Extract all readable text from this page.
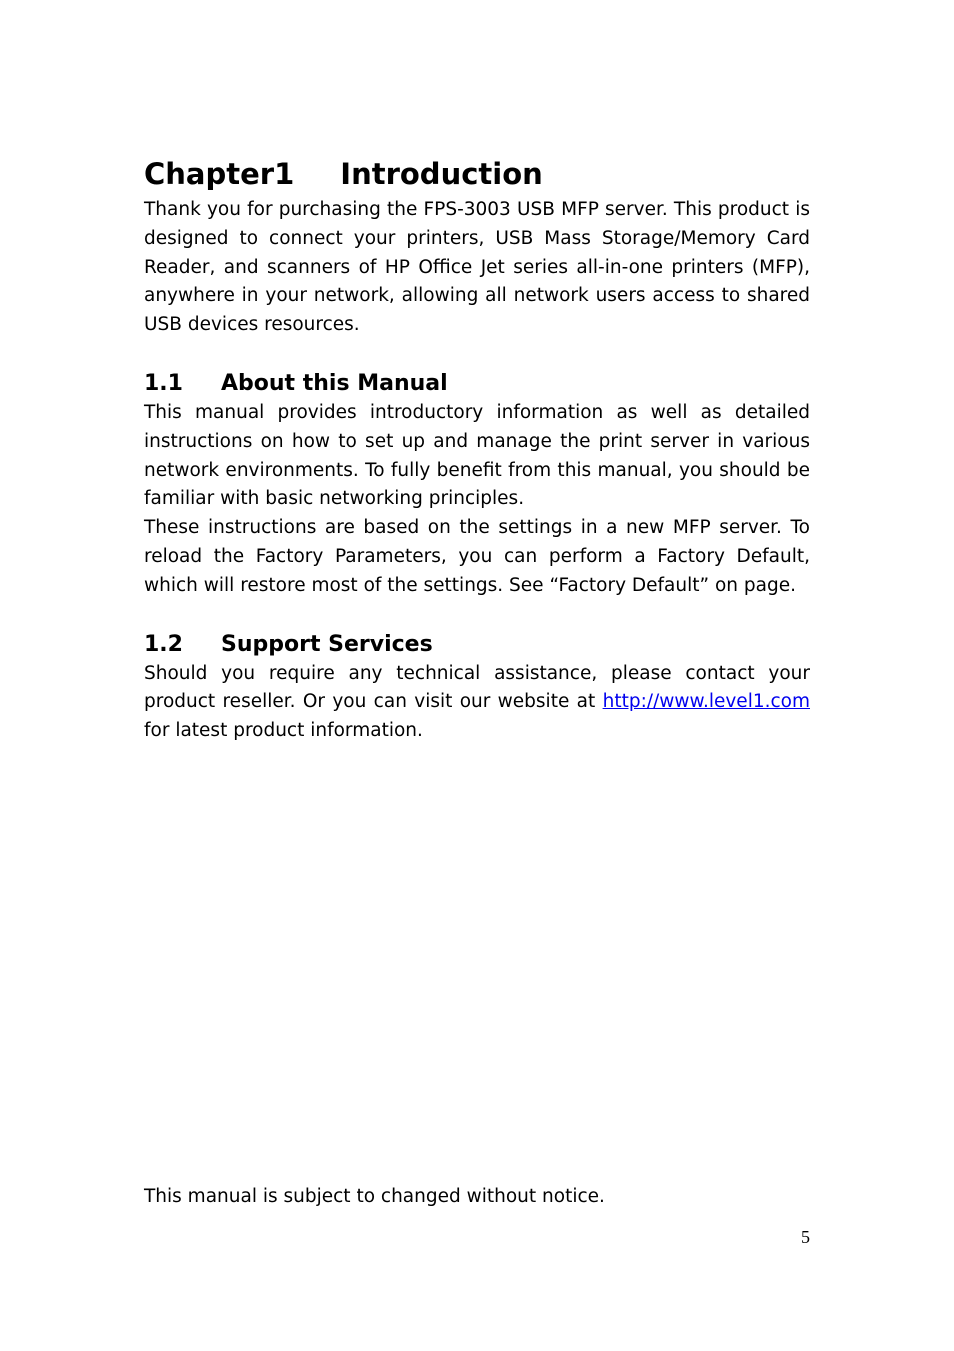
Chapter1 Introduction

Thank you for purchasing the FPS-3003 USB MFP server. This product is designed to connect your printers, USB Mass Storage/Memory Card Reader, and scanners of HP Office Jet series all-in-one printers (MFP), anywhere in your network, allowing all network users access to shared USB devices resources.

1.1 About this Manual

This manual provides introductory information as well as detailed instructions on how to set up and manage the print server in various network environments. To fully benefit from this manual, you should be familiar with basic networking principles.

These instructions are based on the settings in a new MFP server. To reload the Factory Parameters, you can perform a Factory Default, which will restore most of the settings. See “Factory Default” on page.

1.2 Support Services

Should you require any technical assistance, please contact your product reseller. Or you can visit our website at http://www.level1.com for latest product information.

This manual is subject to changed without notice.
5
